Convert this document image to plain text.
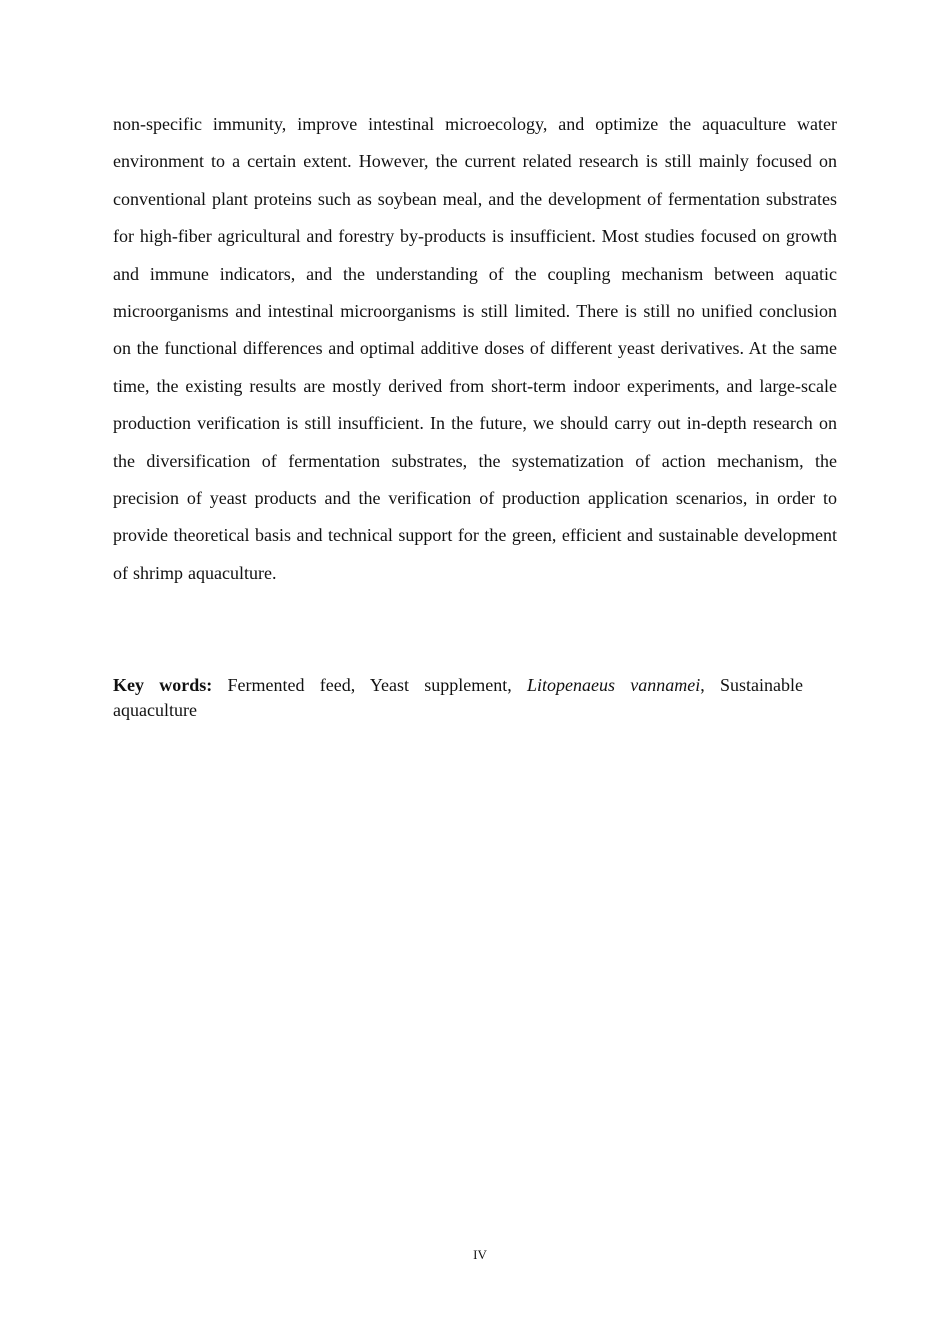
non-specific immunity, improve intestinal microecology, and optimize the aquaculture water environment to a certain extent. However, the current related research is still mainly focused on conventional plant proteins such as soybean meal, and the development of fermentation substrates for high-fiber agricultural and forestry by-products is insufficient. Most studies focused on growth and immune indicators, and the understanding of the coupling mechanism between aquatic microorganisms and intestinal microorganisms is still limited. There is still no unified conclusion on the functional differences and optimal additive doses of different yeast derivatives. At the same time, the existing results are mostly derived from short-term indoor experiments, and large-scale production verification is still insufficient. In the future, we should carry out in-depth research on the diversification of fermentation substrates, the systematization of action mechanism, the precision of yeast products and the verification of production application scenarios, in order to provide theoretical basis and technical support for the green, efficient and sustainable development of shrimp aquaculture.

Key words: Fermented feed, Yeast supplement, Litopenaeus vannamei, Sustainable aquaculture

IV
